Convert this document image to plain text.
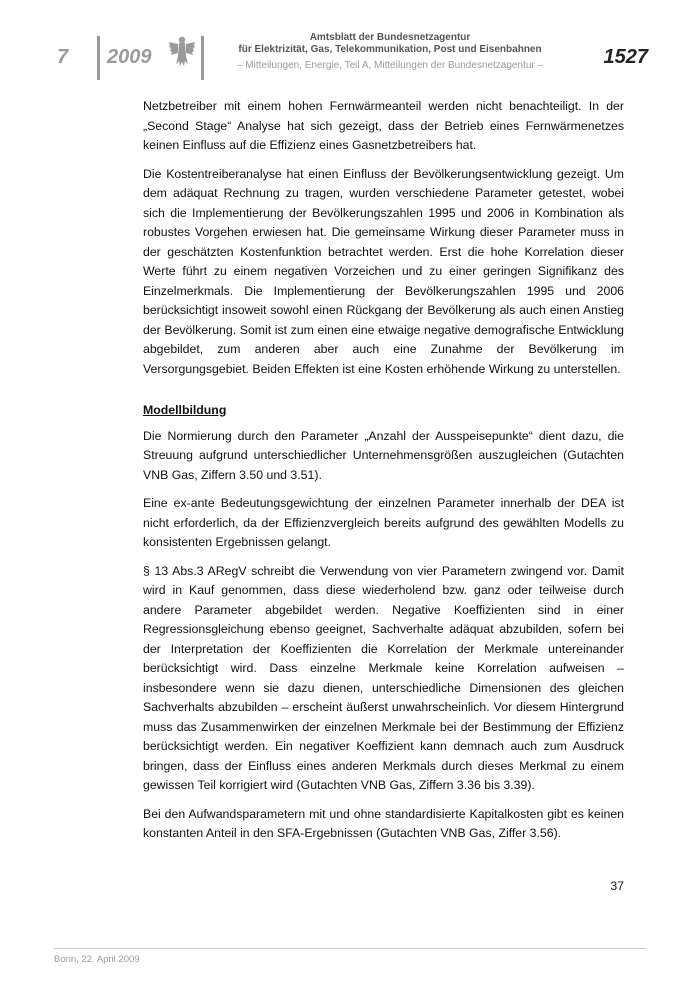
7 2009
Amtsblatt der Bundesnetzagentur
für Elektrizität, Gas, Telekommunikation, Post und Eisenbahnen
– Mitteilungen, Energie, Teil A, Mitteilungen der Bundesnetzagentur –	1527

Netzbetreiber mit einem hohen Fernwärmeanteil werden nicht benachteiligt. In der „Second Stage“ Analyse hat sich gezeigt, dass der Betrieb eines Fernwärmenetzes keinen Einfluss auf die Effizienz eines Gasnetzbetreibers hat.

Die Kostentreiberanalyse hat einen Einfluss der Bevölkerungsentwicklung gezeigt. Um dem adäquat Rechnung zu tragen, wurden verschiedene Parameter getestet, wobei sich die Implementierung der Bevölkerungszahlen 1995 und 2006 in Kombination als robustes Vorgehen erwiesen hat. Die gemeinsame Wirkung dieser Parameter muss in der geschätzten Kostenfunktion betrachtet werden. Erst die hohe Korrelation dieser Werte führt zu einem negativen Vorzeichen und zu einer geringen Signifikanz des Einzelmerkmals. Die Implementierung der Bevölkerungszahlen 1995 und 2006 berücksichtigt insoweit sowohl einen Rückgang der Bevölkerung als auch einen Anstieg der Bevölkerung. Somit ist zum einen eine etwaige negative demografische Entwicklung abgebildet, zum anderen aber auch eine Zunahme der Bevölkerung im Versorgungsgebiet. Beiden Effekten ist eine Kosten erhöhende Wirkung zu unterstellen.

Modellbildung

Die Normierung durch den Parameter „Anzahl der Ausspeisepunkte“ dient dazu, die Streuung aufgrund unterschiedlicher Unternehmensgrößen auszugleichen (Gutachten VNB Gas, Ziffern 3.50 und 3.51).

Eine ex-ante Bedeutungsgewichtung der einzelnen Parameter innerhalb der DEA ist nicht erforderlich, da der Effizienzvergleich bereits aufgrund des gewählten Modells zu konsistenten Ergebnissen gelangt.

§ 13 Abs.3 ARegV schreibt die Verwendung von vier Parametern zwingend vor. Damit wird in Kauf genommen, dass diese wiederholend bzw. ganz oder teilweise durch andere Parameter abgebildet werden. Negative Koeffizienten sind in einer Regressionsgleichung ebenso geeignet, Sachverhalte adäquat abzubilden, sofern bei der Interpretation der Koeffizienten die Korrelation der Merkmale untereinander berücksichtigt wird. Dass einzelne Merkmale keine Korrelation aufweisen – insbesondere wenn sie dazu dienen, unterschiedliche Dimensionen des gleichen Sachverhalts abzubilden – erscheint äußerst unwahrscheinlich. Vor diesem Hintergrund muss das Zusammenwirken der einzelnen Merkmale bei der Bestimmung der Effizienz berücksichtigt werden. Ein negativer Koeffizient kann demnach auch zum Ausdruck bringen, dass der Einfluss eines anderen Merkmals durch dieses Merkmal zu einem gewissen Teil korrigiert wird (Gutachten VNB Gas, Ziffern 3.36 bis 3.39).

Bei den Aufwandsparametern mit und ohne standardisierte Kapitalkosten gibt es keinen konstanten Anteil in den SFA-Ergebnissen (Gutachten VNB Gas, Ziffer 3.56).

37
Bonn, 22. April 2009
